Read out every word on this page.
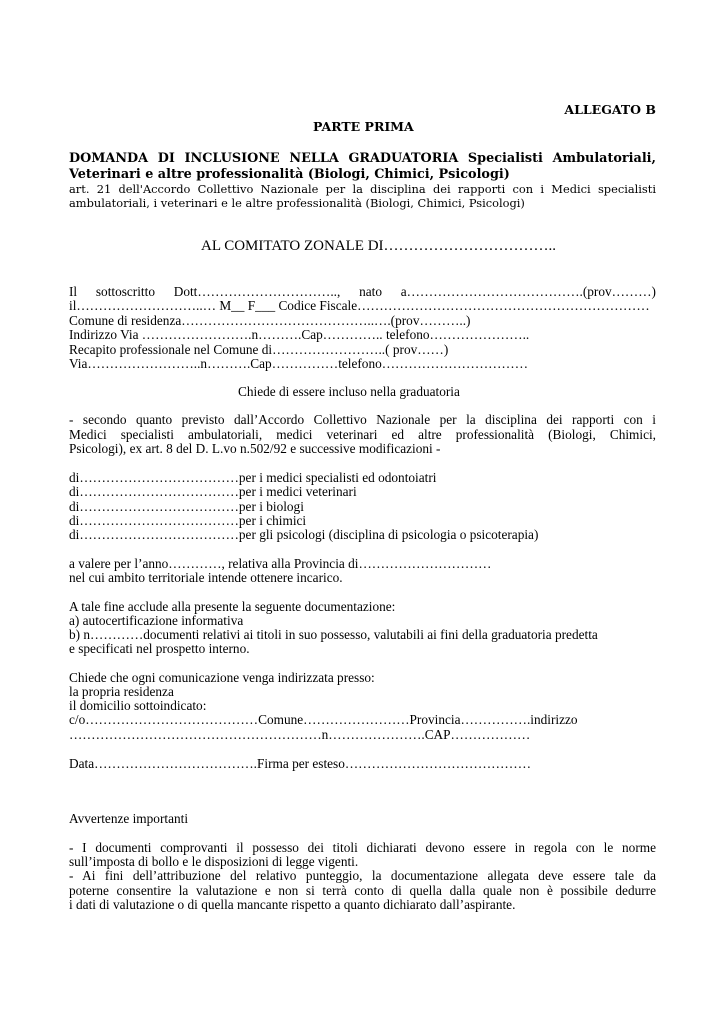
ALLEGATO B
PARTE PRIMA
DOMANDA DI INCLUSIONE NELLA GRADUATORIA Specialisti Ambulatoriali,
Veterinari e altre professionalità (Biologi, Chimici, Psicologi)
art. 21 dell'Accordo Collettivo Nazionale per la disciplina dei rapporti con i Medici specialisti
ambulatoriali, i veterinari e le altre professionalità (Biologi, Chimici, Psicologi)
AL COMITATO ZONALE DI……………………………..
Il sottoscritto Dott………………………….., nato a………………………………….(prov………)
il………………………..… M__ F___ Codice Fiscale…………………………………………………………
Comune di residenza……………………………………..….(prov………..)
Indirizzo Via …………………….n……….Cap………….. telefono…………………..
Recapito professionale nel Comune di……………………..( prov……)
Via……………………..n……….Cap……………telefono……………………………
Chiede di essere incluso nella graduatoria
- secondo quanto previsto dall’Accordo Collettivo Nazionale per la disciplina dei rapporti con i
Medici specialisti ambulatoriali, medici veterinari ed altre professionalità (Biologi, Chimici,
Psicologi), ex art. 8 del D. L.vo n.502/92 e successive modificazioni -
di………………………………per i medici specialisti ed odontoiatri
di………………………………per i medici veterinari
di………………………………per i biologi
di………………………………per i chimici
di………………………………per gli psicologi (disciplina di psicologia o psicoterapia)
a valere per l’anno…………, relativa alla Provincia di…………………………
nel cui ambito territoriale intende ottenere incarico.
A tale fine acclude alla presente la seguente documentazione:
a) autocertificazione informativa
b) n…………documenti relativi ai titoli in suo possesso, valutabili ai fini della graduatoria predetta
e specificati nel prospetto interno.
Chiede che ogni comunicazione venga indirizzata presso:
la propria residenza
il domicilio sottoindicato:
c/o…………………………………Comune……………………Provincia…………….indirizzo
…………………………………………………n………………….CAP………………
Data……………………………….Firma per esteso……………………………………
Avvertenze importanti
- I documenti comprovanti il possesso dei titoli dichiarati devono essere in regola con le norme
sull’imposta di bollo e le disposizioni di legge vigenti.
- Ai fini dell’attribuzione del relativo punteggio, la documentazione allegata deve essere tale da
poterne consentire la valutazione e non si terrà conto di quella dalla quale non è possibile dedurre
i dati di valutazione o di quella mancante rispetto a quanto dichiarato dall’aspirante.
